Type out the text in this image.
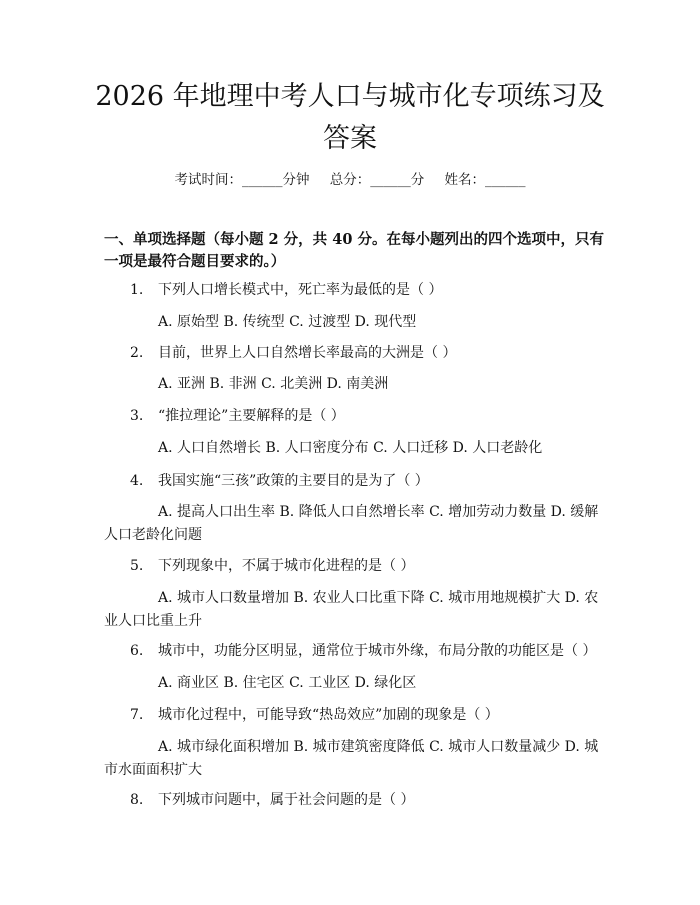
2026 年地理中考人口与城市化专项练习及答案
考试时间：______分钟 总分：______分 姓名：______

一、单项选择题（每小题 2 分，共 40 分。在每小题列出的四个选项中，只有一项是最符合题目要求的。）

1.	下列人口增长模式中，死亡率为最低的是（ ）
A. 原始型 B. 传统型 C. 过渡型 D. 现代型
2.	目前，世界上人口自然增长率最高的大洲是（ ）
A. 亚洲 B. 非洲 C. 北美洲 D. 南美洲
3.	“推拉理论”主要解释的是（ ）
A. 人口自然增长 B. 人口密度分布 C. 人口迁移 D. 人口老龄化
4.	我国实施“三孩”政策的主要目的是为了（ ）
A. 提高人口出生率 B. 降低人口自然增长率 C. 增加劳动力数量 D. 缓解人口老龄化问题
5.	下列现象中，不属于城市化进程的是（ ）
A. 城市人口数量增加 B. 农业人口比重下降 C. 城市用地规模扩大 D. 农业人口比重上升
6.	城市中，功能分区明显，通常位于城市外缘，布局分散的功能区是（ ）
A. 商业区 B. 住宅区 C. 工业区 D. 绿化区
7.	城市化过程中，可能导致“热岛效应”加剧的现象是（ ）
A. 城市绿化面积增加 B. 城市建筑密度降低 C. 城市人口数量减少 D. 城市水面面积扩大
8.	下列城市问题中，属于社会问题的是（ ）
